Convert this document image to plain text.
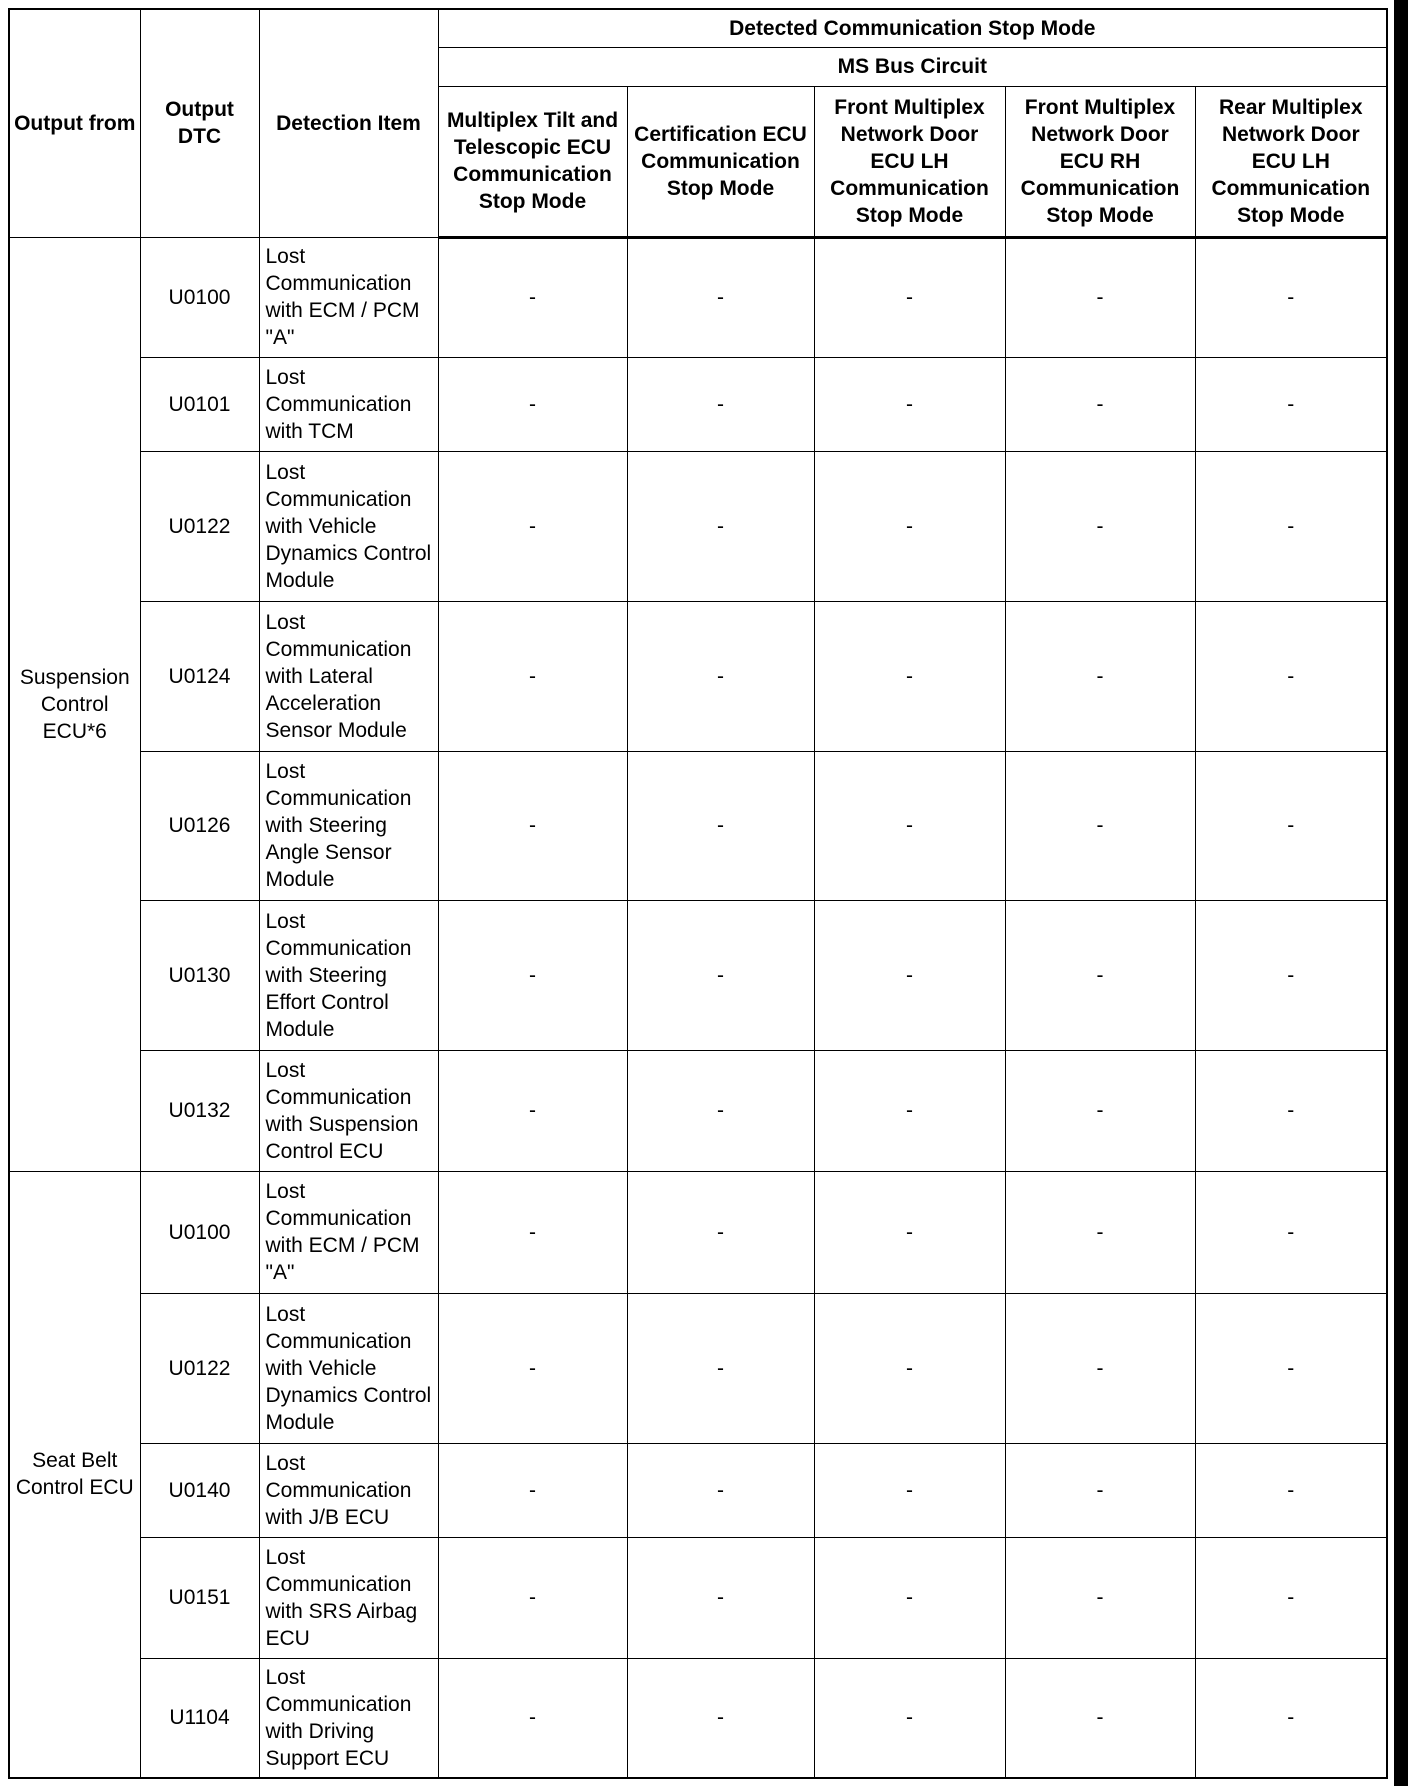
Output from	Output DTC	Detection Item	Detected Communication Stop Mode				
			MS Bus Circuit				
			Multiplex Tilt and Telescopic ECU Communication Stop Mode	Certification ECU Communication Stop Mode	Front Multiplex Network Door ECU LH Communication Stop Mode	Front Multiplex Network Door ECU RH Communication Stop Mode	Rear Multiplex Network Door ECU LH Communication Stop Mode
Suspension Control ECU*6	U0100	Lost Communication with ECM / PCM "A"	-	-	-	-	-
	U0101	Lost Communication with TCM	-	-	-	-	-
	U0122	Lost Communication with Vehicle Dynamics Control Module	-	-	-	-	-
	U0124	Lost Communication with Lateral Acceleration Sensor Module	-	-	-	-	-
	U0126	Lost Communication with Steering Angle Sensor Module	-	-	-	-	-
	U0130	Lost Communication with Steering Effort Control Module	-	-	-	-	-
	U0132	Lost Communication with Suspension Control ECU	-	-	-	-	-
Seat Belt Control ECU	U0100	Lost Communication with ECM / PCM "A"	-	-	-	-	-
	U0122	Lost Communication with Vehicle Dynamics Control Module	-	-	-	-	-
	U0140	Lost Communication with J/B ECU	-	-	-	-	-
	U0151	Lost Communication with SRS Airbag ECU	-	-	-	-	-
	U1104	Lost Communication with Driving Support ECU	-	-	-	-	-
